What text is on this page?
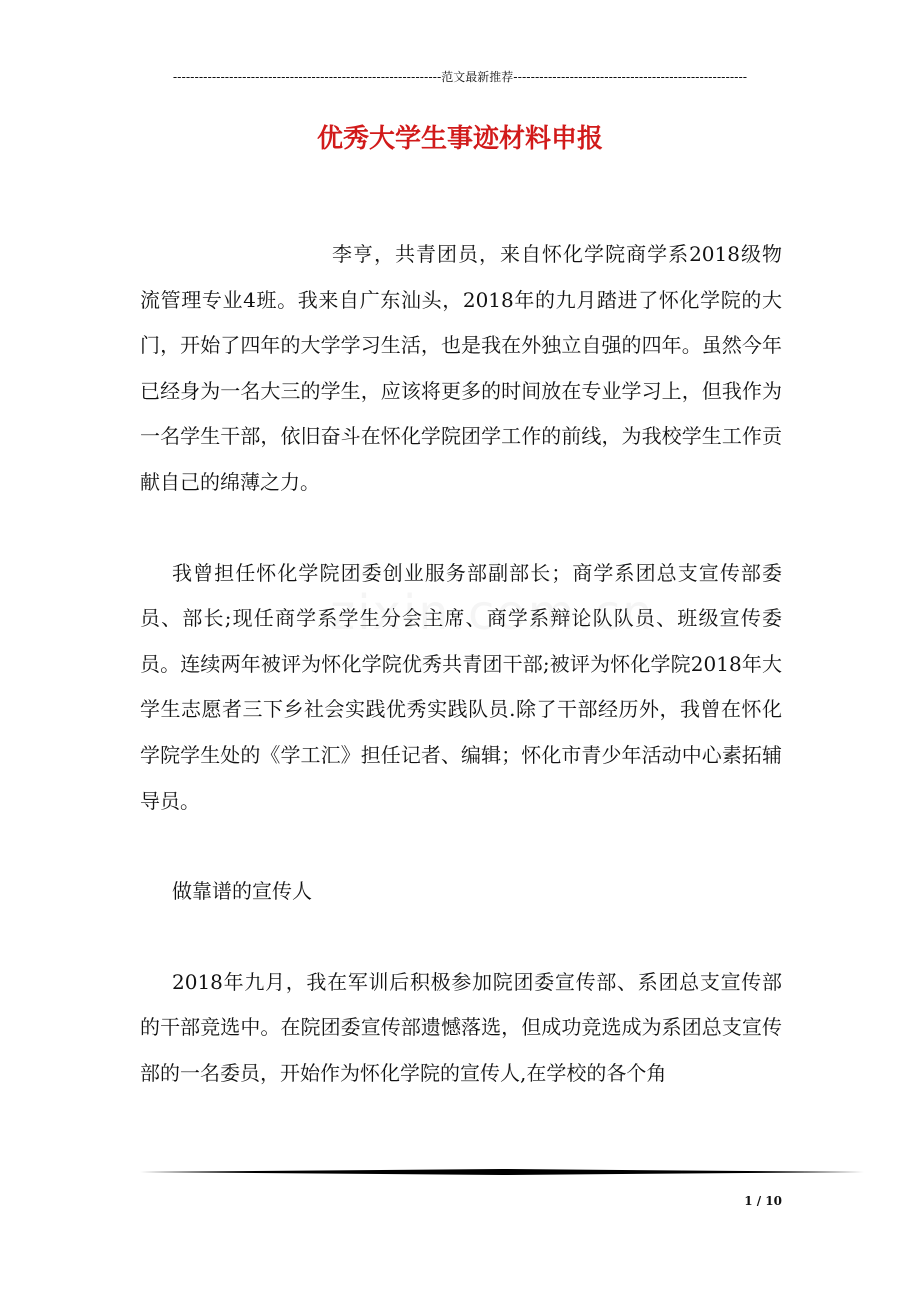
--------------------------------------------------------------范文最新推荐------------------------------------------------------
优秀大学生事迹材料申报

李亨，共青团员，来自怀化学院商学系2018级物流管理专业4班。我来自广东汕头，2018年的九月踏进了怀化学院的大门，开始了四年的大学学习生活，也是我在外独立自强的四年。虽然今年已经身为一名大三的学生，应该将更多的时间放在专业学习上，但我作为一名学生干部，依旧奋斗在怀化学院团学工作的前线，为我校学生工作贡献自己的绵薄之力。

我曾担任怀化学院团委创业服务部副部长；商学系团总支宣传部委员、部长;现任商学系学生分会主席、商学系辩论队队员、班级宣传委员。连续两年被评为怀化学院优秀共青团干部;被评为怀化学院2018年大学生志愿者三下乡社会实践优秀实践队员.除了干部经历外，我曾在怀化学院学生处的《学工汇》担任记者、编辑；怀化市青少年活动中心素拓辅导员。

做靠谱的宣传人

2018年九月，我在军训后积极参加院团委宣传部、系团总支宣传部的干部竞选中。在院团委宣传部遗憾落选，但成功竞选成为系团总支宣传部的一名委员，开始作为怀化学院的宣传人,在学校的各个角

1 / 10
